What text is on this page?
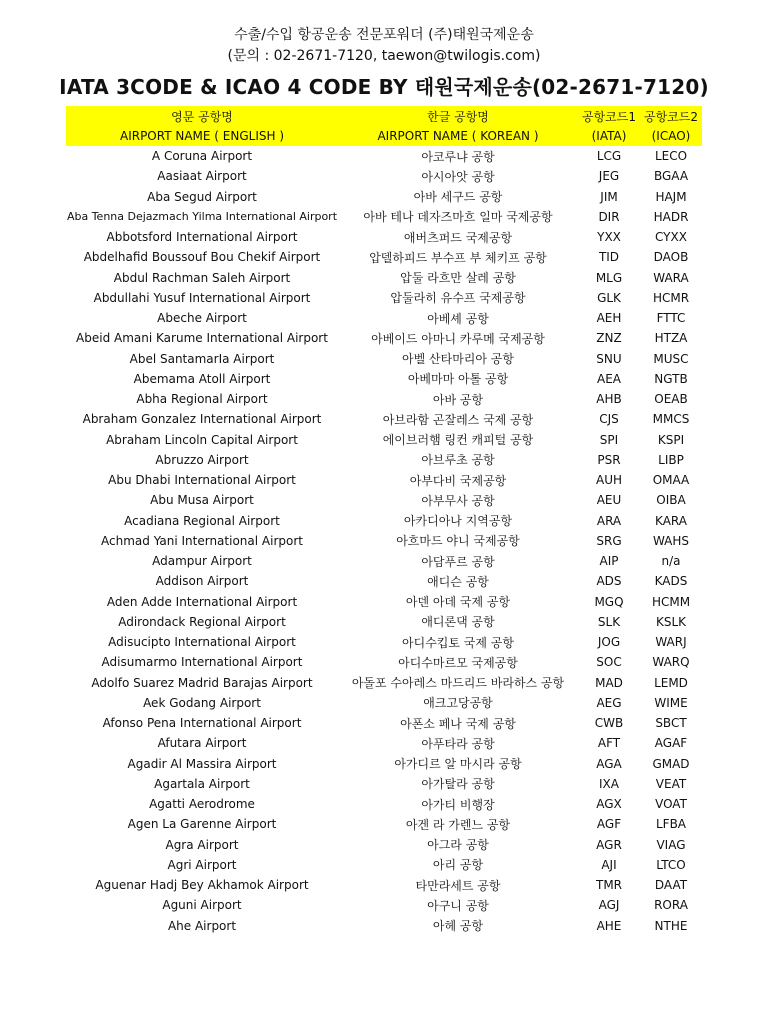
수출/수입 항공운송 전문포워더 (주)태원국제운송
(문의 : 02-2671-7120, taewon@twilogis.com)
IATA 3CODE & ICAO 4 CODE BY 태원국제운송(02-2671-7120)
영문 공항명	한글 공항명	공항코드1	공항코드2
AIRPORT NAME ( ENGLISH )	AIRPORT NAME ( KOREAN )	(IATA)	(ICAO)
A Coruna Airport	아코루냐 공항	LCG	LECO
Aasiaat Airport	아시아앗 공항	JEG	BGAA
Aba Segud Airport	아바 세구드 공항	JIM	HAJM
Aba Tenna Dejazmach Yilma International Airport	아바 테나 데자즈마흐 일마 국제공항	DIR	HADR
Abbotsford International Airport	애버츠퍼드 국제공항	YXX	CYXX
Abdelhafid Boussouf Bou Chekif Airport	압델하피드 부수프 부 체키프 공항	TID	DAOB
Abdul Rachman Saleh Airport	압둘 라흐만 살레 공항	MLG	WARA
Abdullahi Yusuf International Airport	압둘라히 유수프 국제공항	GLK	HCMR
Abeche Airport	아베셰 공항	AEH	FTTC
Abeid Amani Karume International Airport	아베이드 아마니 카루메 국제공항	ZNZ	HTZA
Abel SantamarIa Airport	아벨 산타마리아 공항	SNU	MUSC
Abemama Atoll Airport	아베마마 아톨 공항	AEA	NGTB
Abha Regional Airport	아바 공항	AHB	OEAB
Abraham Gonzalez International Airport	아브라함 곤잘레스 국제 공항	CJS	MMCS
Abraham Lincoln Capital Airport	에이브러햄 링컨 캐피털 공항	SPI	KSPI
Abruzzo Airport	아브루초 공항	PSR	LIBP
Abu Dhabi International Airport	아부다비 국제공항	AUH	OMAA
Abu Musa Airport	아부무사 공항	AEU	OIBA
Acadiana Regional Airport	아카디아나 지역공항	ARA	KARA
Achmad Yani International Airport	아흐마드 야니 국제공항	SRG	WAHS
Adampur Airport	아담푸르 공항	AIP	n/a
Addison Airport	애디슨 공항	ADS	KADS
Aden Adde International Airport	아덴 아데 국제 공항	MGQ	HCMM
Adirondack Regional Airport	애디론댁 공항	SLK	KSLK
Adisucipto International Airport	아디수킵토 국제 공항	JOG	WARJ
Adisumarmo International Airport	아디수마르모 국제공항	SOC	WARQ
Adolfo Suarez Madrid Barajas Airport	아돌포 수아레스 마드리드 바라하스 공항	MAD	LEMD
Aek Godang Airport	애크고당공항	AEG	WIME
Afonso Pena International Airport	아폰소 페나 국제 공항	CWB	SBCT
Afutara Airport	아푸타라 공항	AFT	AGAF
Agadir Al Massira Airport	아가디르 알 마시라 공항	AGA	GMAD
Agartala Airport	아가탈라 공항	IXA	VEAT
Agatti Aerodrome	아가티 비행장	AGX	VOAT
Agen La Garenne Airport	아겐 라 가렌느 공항	AGF	LFBA
Agra Airport	아그라 공항	AGR	VIAG
Agri Airport	아리 공항	AJI	LTCO
Aguenar Hadj Bey Akhamok Airport	타만라세트 공항	TMR	DAAT
Aguni Airport	아구니 공항	AGJ	RORA
Ahe Airport	아헤 공항	AHE	NTHE
